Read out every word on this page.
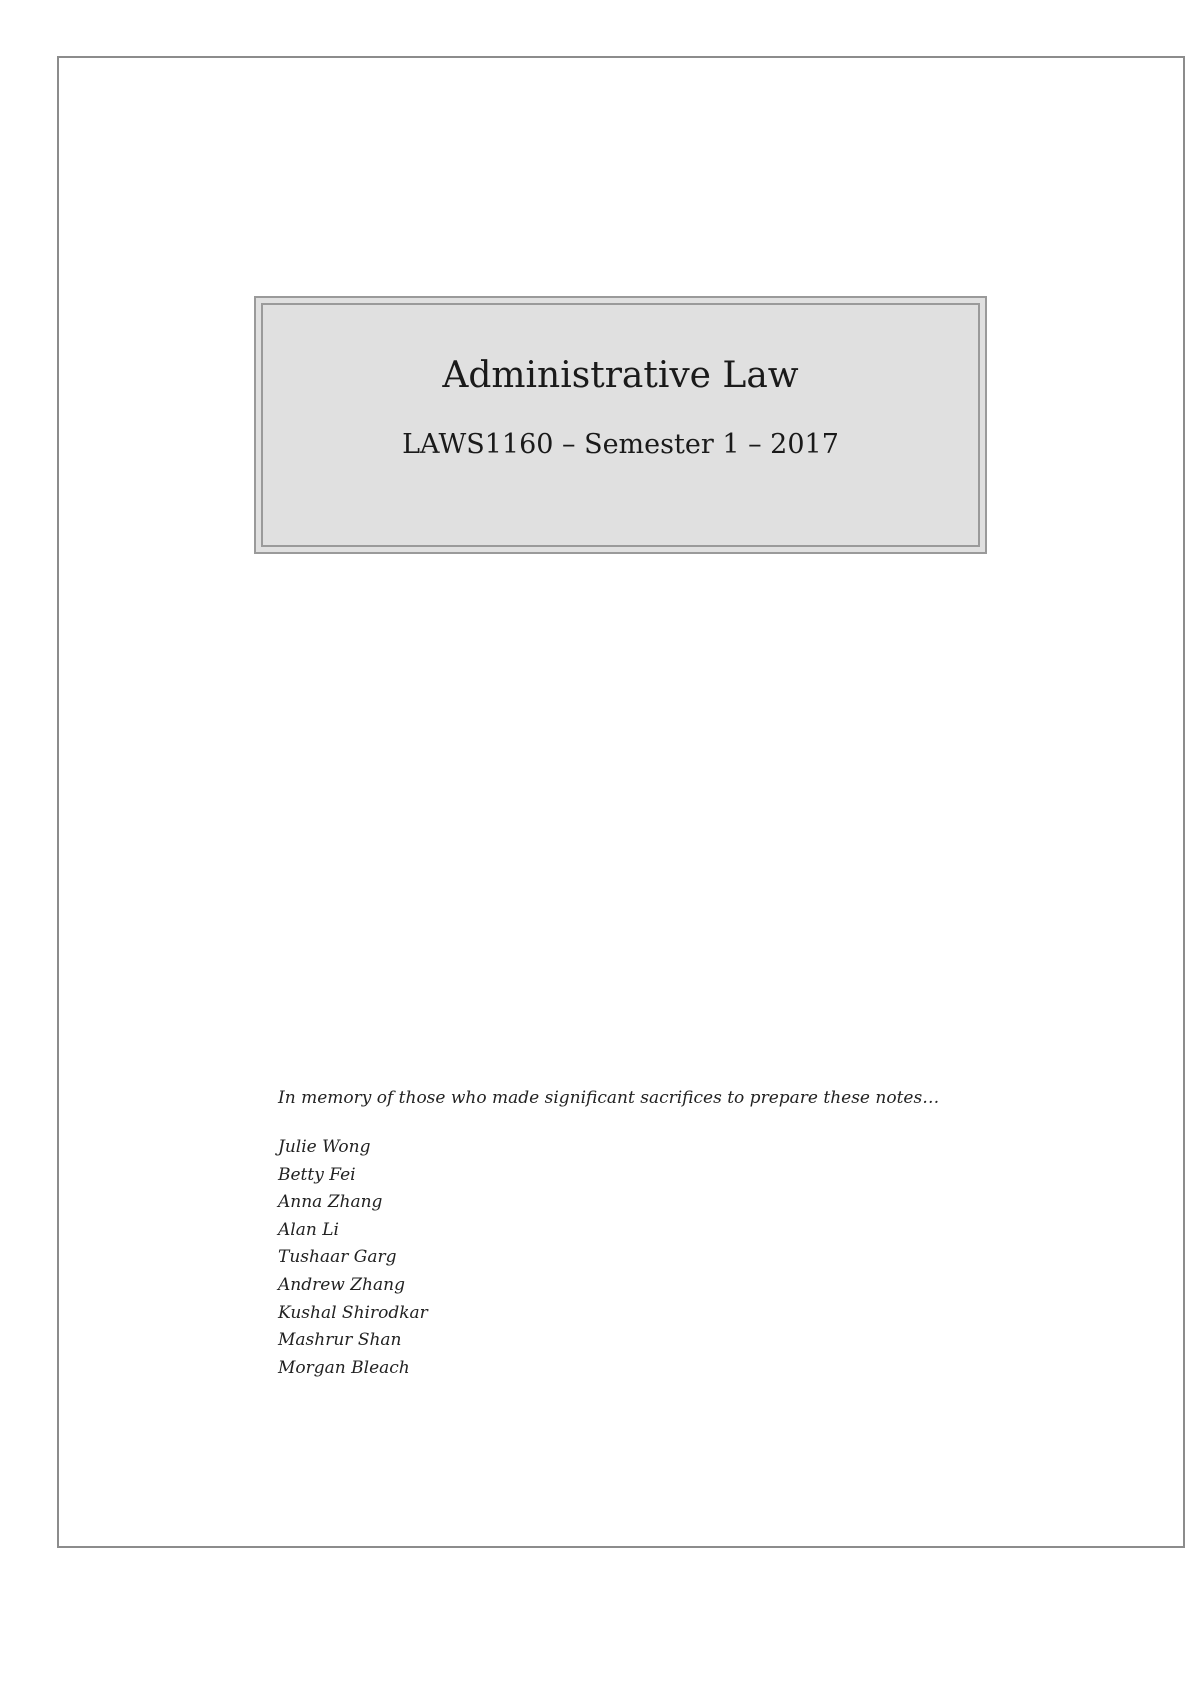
Administrative Law
LAWS1160 – Semester 1 – 2017

In memory of those who made significant sacrifices to prepare these notes…

Julie Wong
Betty Fei
Anna Zhang
Alan Li
Tushaar Garg
Andrew Zhang
Kushal Shirodkar
Mashrur Shan
Morgan Bleach
